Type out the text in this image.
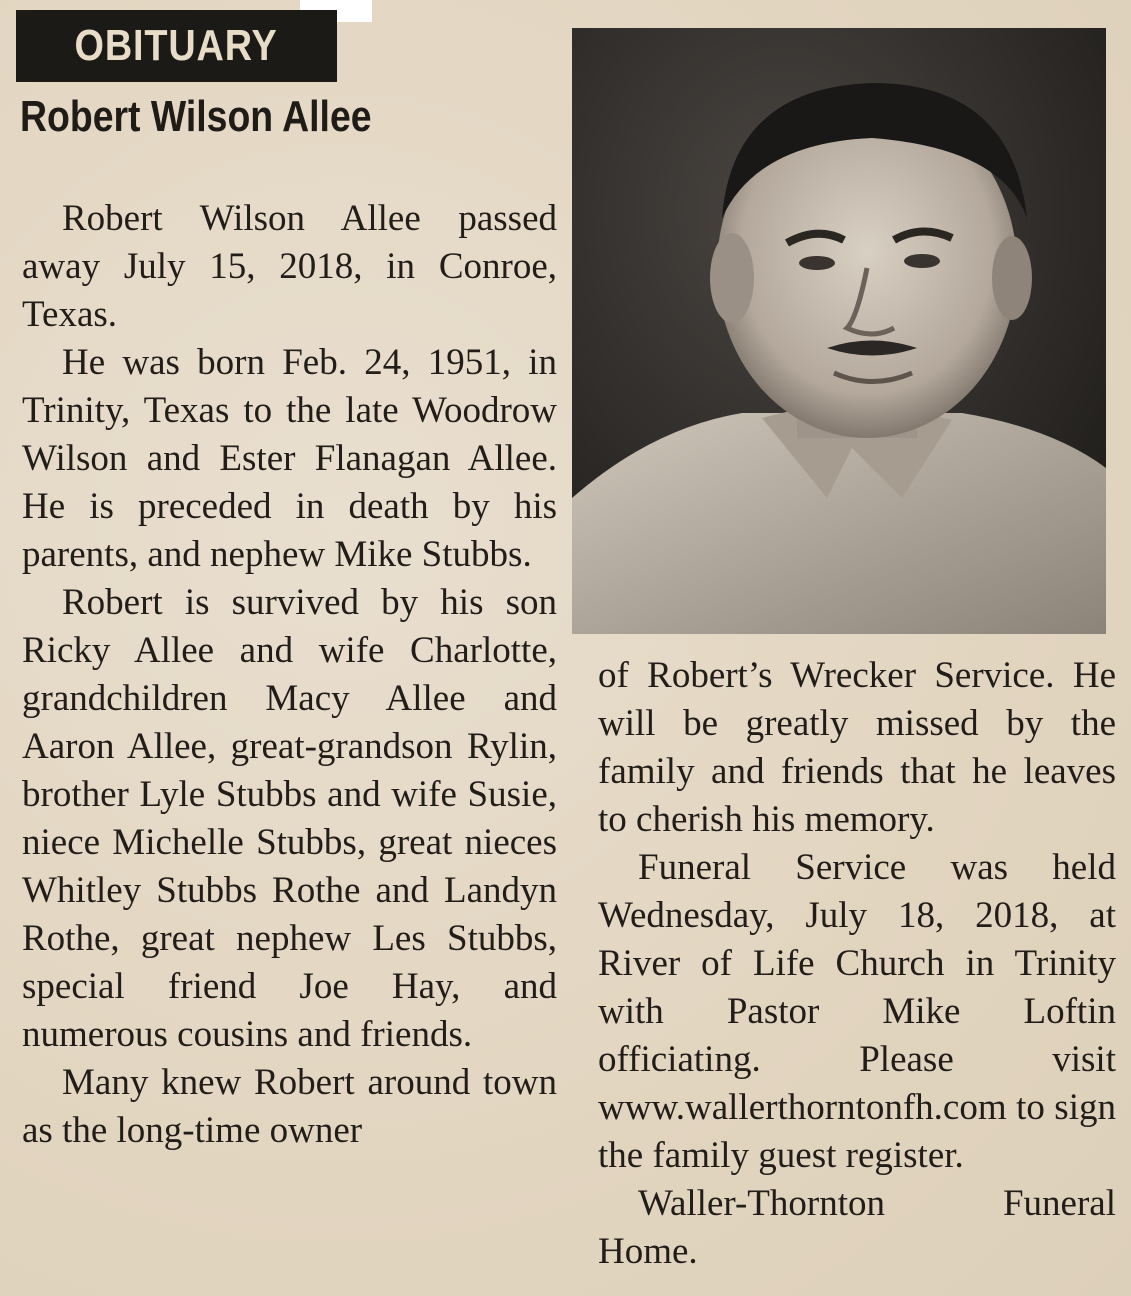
OBITUARY
Robert Wilson Allee

Robert Wilson Allee passed away July 15, 2018, in Conroe, Texas.

He was born Feb. 24, 1951, in Trinity, Texas to the late Woodrow Wilson and Ester Flanagan Allee. He is preceded in death by his parents, and nephew Mike Stubbs.

Robert is survived by his son Ricky Allee and wife Charlotte, grandchildren Macy Allee and Aaron Allee, great-grandson Rylin, brother Lyle Stubbs and wife Susie, niece Michelle Stubbs, great nieces Whitley Stubbs Rothe and Landyn Rothe, great nephew Les Stubbs, special friend Joe Hay, and numerous cousins and friends.

Many knew Robert around town as the long-time owner

of Robert’s Wrecker Service. He will be greatly missed by the family and friends that he leaves to cherish his memory.

Funeral Service was held Wednesday, July 18, 2018, at River of Life Church in Trinity with Pastor Mike Loftin officiating. Please visit www.wallerthorntonfh.com to sign the family guest register.

Waller-Thornton Funeral Home.
